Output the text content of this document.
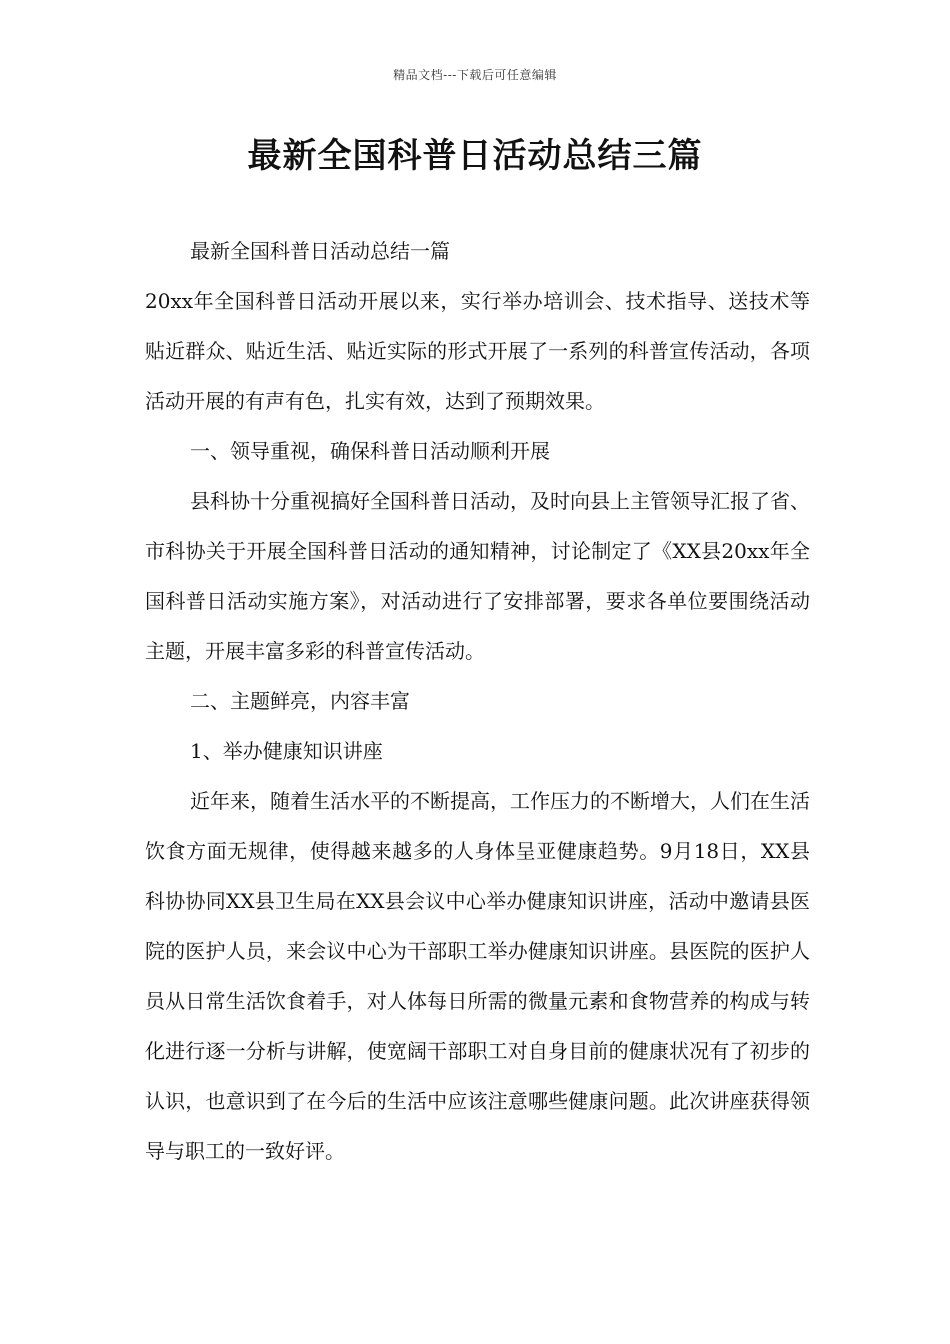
精品文档---下载后可任意编辑
最新全国科普日活动总结三篇

最新全国科普日活动总结一篇

20xx年全国科普日活动开展以来，实行举办培训会、技术指导、送技术等贴近群众、贴近生活、贴近实际的形式开展了一系列的科普宣传活动，各项活动开展的有声有色，扎实有效，达到了预期效果。

一、领导重视，确保科普日活动顺利开展

县科协十分重视搞好全国科普日活动，及时向县上主管领导汇报了省、市科协关于开展全国科普日活动的通知精神，讨论制定了《XX县20xx年全国科普日活动实施方案》，对活动进行了安排部署，要求各单位要围绕活动主题，开展丰富多彩的科普宣传活动。

二、主题鲜亮，内容丰富

1、举办健康知识讲座

近年来，随着生活水平的不断提高，工作压力的不断增大，人们在生活饮食方面无规律，使得越来越多的人身体呈亚健康趋势。9月18日，XX县科协协同XX县卫生局在XX县会议中心举办健康知识讲座，活动中邀请县医院的医护人员，来会议中心为干部职工举办健康知识讲座。县医院的医护人员从日常生活饮食着手，对人体每日所需的微量元素和食物营养的构成与转化进行逐一分析与讲解，使宽阔干部职工对自身目前的健康状况有了初步的认识，也意识到了在今后的生活中应该注意哪些健康问题。此次讲座获得领导与职工的一致好评。
